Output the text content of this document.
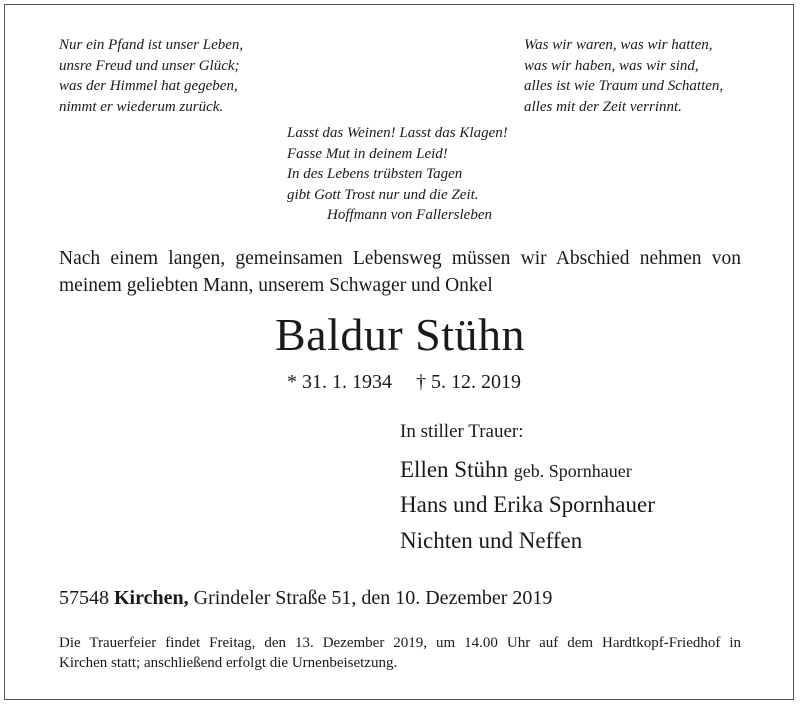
Nur ein Pfand ist unser Leben,
unsre Freud und unser Glück;
was der Himmel hat gegeben,
nimmt er wiederum zurück.
Was wir waren, was wir hatten,
was wir haben, was wir sind,
alles ist wie Traum und Schatten,
alles mit der Zeit verrinnt.
Lasst das Weinen! Lasst das Klagen!
Fasse Mut in deinem Leid!
In des Lebens trübsten Tagen
gibt Gott Trost nur und die Zeit.
Hoffmann von Fallersleben
Nach einem langen, gemeinsamen Lebensweg müssen wir Abschied nehmen von
meinem geliebten Mann, unserem Schwager und Onkel
Baldur Stühn
* 31. 1. 1934 † 5. 12. 2019
In stiller Trauer:
Ellen Stühn geb. Spornhauer
Hans und Erika Spornhauer
Nichten und Neffen
57548 Kirchen, Grindeler Straße 51, den 10. Dezember 2019
Die Trauerfeier findet Freitag, den 13. Dezember 2019, um 14.00 Uhr auf dem Hardtkopf-Friedhof in
Kirchen statt; anschließend erfolgt die Urnenbeisetzung.
